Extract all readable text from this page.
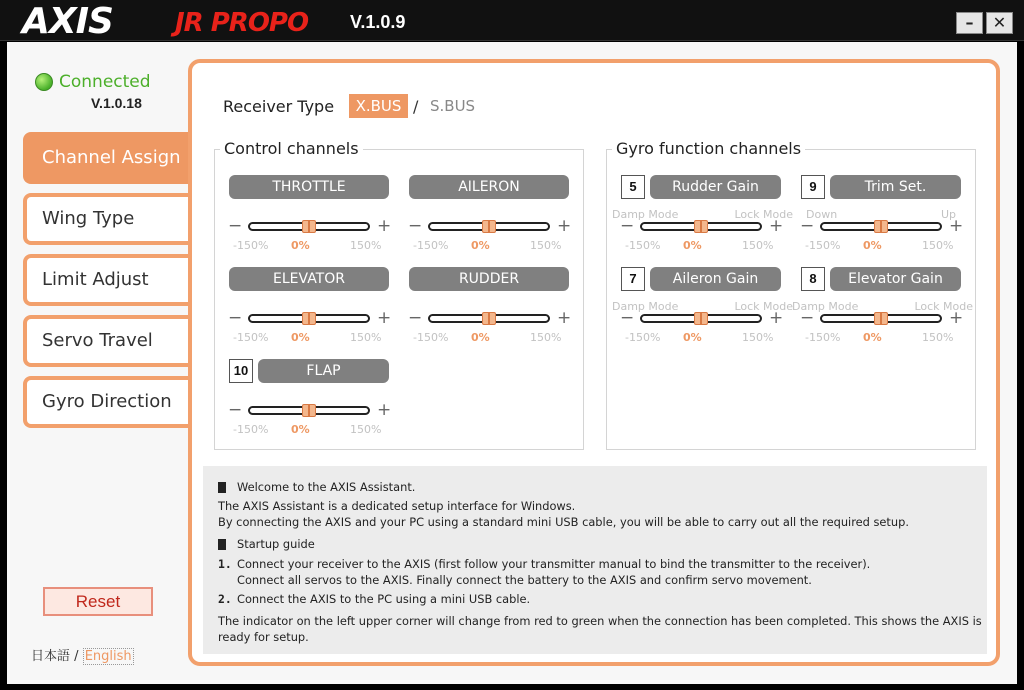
AXIS JR PROPO V.1.0.9	–	✕
Connected
V.1.0.18
Channel Assign
Wing Type
Limit Adjust
Servo Travel
Gyro Direction
Reset
日本語 / English
Receiver Type	X.BUS / S.BUS
Control channels
THROTTLE
−	+
-150% 0%	150%
AILERON
−	+
-150% 0%	150%
ELEVATOR
−	+
-150% 0%	150%
RUDDER
−	+
-150% 0%	150%
10	FLAP
−	+
-150% 0%	150%
Gyro function channels
5	Rudder Gain
Damp Mode	Lock Mode
−	+
-150% 0%	150%
9	Trim Set.
Down	Up
−	+
-150% 0%	150%
7	Aileron Gain
Damp Mode	Lock Mode
−	+
-150% 0%	150%
8	Elevator Gain
Damp Mode	Lock Mode
−	+
-150% 0%	150%
Welcome to the AXIS Assistant.
The AXIS Assistant is a dedicated setup interface for Windows.
By connecting the AXIS and your PC using a standard mini USB cable, you will be able to carry out all the required setup.
Startup guide
1. Connect your receiver to the AXIS (first follow your transmitter manual to bind the transmitter to the receiver).
Connect all servos to the AXIS. Finally connect the battery to the AXIS and confirm servo movement.
2. Connect the AXIS to the PC using a mini USB cable.
The indicator on the left upper corner will change from red to green when the connection has been completed. This shows the AXIS is
ready for setup.
